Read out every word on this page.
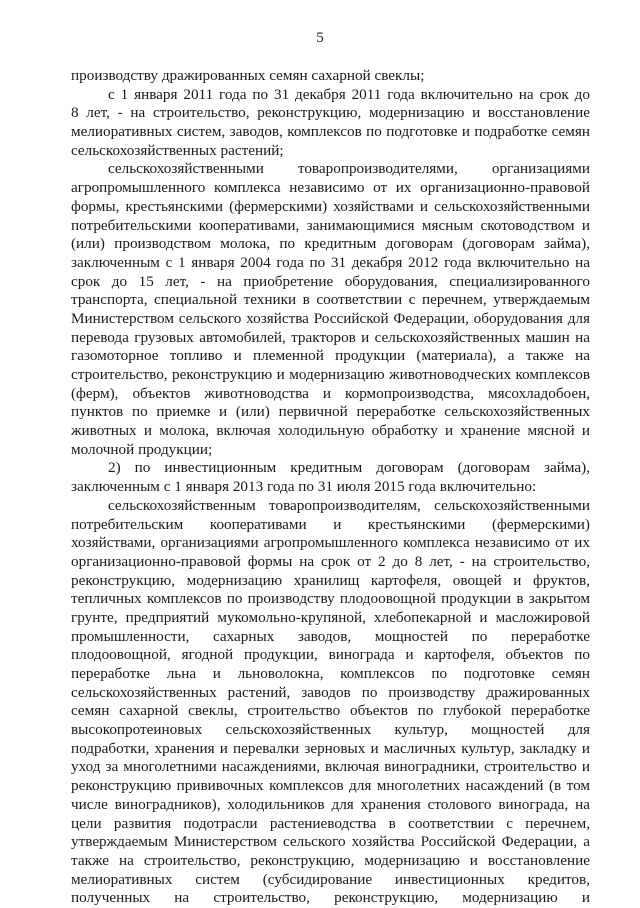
5
производству дражированных семян сахарной свеклы;
с 1 января 2011 года по 31 декабря 2011 года включительно на срок до
8 лет, - на строительство, реконструкцию, модернизацию и восстановление
мелиоративных систем, заводов, комплексов по подготовке и подработке семян
сельскохозяйственных растений;
сельскохозяйственными товаропроизводителями, организациями
агропромышленного комплекса независимо от их организационно-правовой
формы, крестьянскими (фермерскими) хозяйствами и сельскохозяйственными
потребительскими кооперативами, занимающимися мясным скотоводством и
(или) производством молока, по кредитным договорам (договорам займа),
заключенным с 1 января 2004 года по 31 декабря 2012 года включительно на
срок до 15 лет, - на приобретение оборудования, специализированного
транспорта, специальной техники в соответствии с перечнем, утверждаемым
Министерством сельского хозяйства Российской Федерации, оборудования для
перевода грузовых автомобилей, тракторов и сельскохозяйственных машин на
газомоторное топливо и племенной продукции (материала), а также на
строительство, реконструкцию и модернизацию животноводческих комплексов
(ферм), объектов животноводства и кормопроизводства, мясохладобоен,
пунктов по приемке и (или) первичной переработке сельскохозяйственных
животных и молока, включая холодильную обработку и хранение мясной и
молочной продукции;
2) по инвестиционным кредитным договорам (договорам займа),
заключенным с 1 января 2013 года по 31 июля 2015 года включительно:
сельскохозяйственным товаропроизводителям, сельскохозяйственными
потребительским кооперативами и крестьянскими (фермерскими)
хозяйствами, организациями агропромышленного комплекса независимо от их
организационно-правовой формы на срок от 2 до 8 лет, - на строительство,
реконструкцию, модернизацию хранилищ картофеля, овощей и фруктов,
тепличных комплексов по производству плодоовощной продукции в закрытом
грунте, предприятий мукомольно-крупяной, хлебопекарной и масложировой
промышленности, сахарных заводов, мощностей по переработке
плодоовощной, ягодной продукции, винограда и картофеля, объектов по
переработке льна и льноволокна, комплексов по подготовке семян
сельскохозяйственных растений, заводов по производству дражированных
семян сахарной свеклы, строительство объектов по глубокой переработке
высокопротеиновых сельскохозяйственных культур, мощностей для
подработки, хранения и перевалки зерновых и масличных культур, закладку и
уход за многолетними насаждениями, включая виноградники, строительство и
реконструкцию прививочных комплексов для многолетних насаждений (в том
числе виноградников), холодильников для хранения столового винограда, на
цели развития подотрасли растениеводства в соответствии с перечнем,
утверждаемым Министерством сельского хозяйства Российской Федерации, а
также на строительство, реконструкцию, модернизацию и восстановление
мелиоративных систем (субсидирование инвестиционных кредитов,
полученных на строительство, реконструкцию, модернизацию и
